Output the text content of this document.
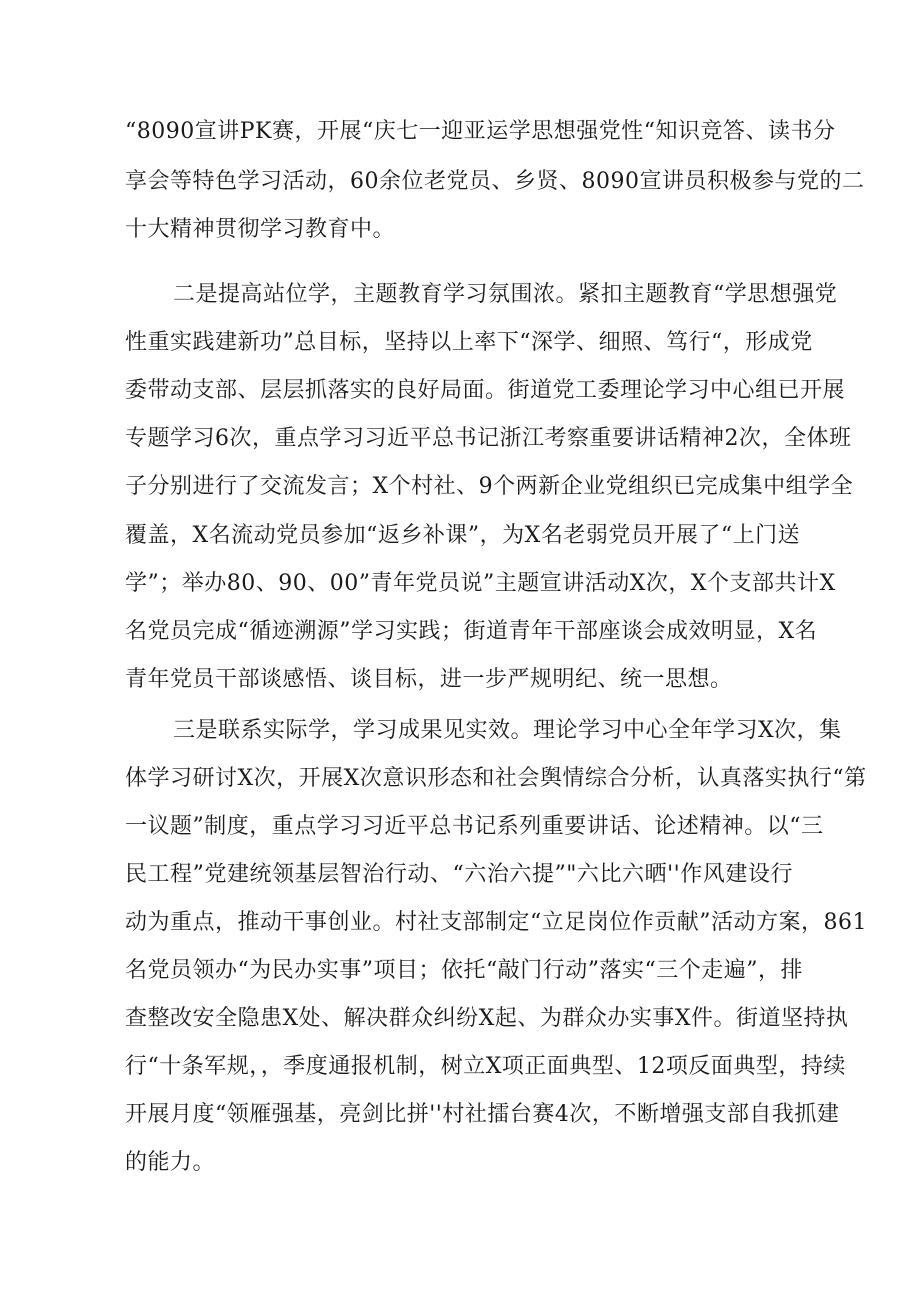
“8090宣讲PK赛，开展“庆七一迎亚运学思想强党性“知识竞答、读书分
享会等特色学习活动，60余位老党员、乡贤、8090宣讲员积极参与党的二
十大精神贯彻学习教育中。
二是提高站位学，主题教育学习氛围浓。紧扣主题教育“学思想强党
性重实践建新功”总目标，坚持以上率下“深学、细照、笃行“，形成党
委带动支部、层层抓落实的良好局面。街道党工委理论学习中心组已开展
专题学习6次，重点学习习近平总书记浙江考察重要讲话精神2次，全体班
子分别进行了交流发言；X个村社、9个两新企业党组织已完成集中组学全
覆盖，X名流动党员参加“返乡补课”，为X名老弱党员开展了“上门送
学”；举办80、90、00”青年党员说”主题宣讲活动X次，X个支部共计X
名党员完成“循迹溯源”学习实践；街道青年干部座谈会成效明显，X名
青年党员干部谈感悟、谈目标，进一步严规明纪、统一思想。
三是联系实际学，学习成果见实效。理论学习中心全年学习X次，集
体学习研讨X次，开展X次意识形态和社会舆情综合分析，认真落实执行“第
一议题”制度，重点学习习近平总书记系列重要讲话、论述精神。以“三
民工程”党建统领基层智治行动、“六治六提”"六比六晒''作风建设行
动为重点，推动干事创业。村社支部制定“立足岗位作贡献”活动方案，861
名党员领办“为民办实事”项目；依托“敲门行动”落实“三个走遍”，排
查整改安全隐患X处、解决群众纠纷X起、为群众办实事X件。街道坚持执
行“十条军规，，季度通报机制，树立X项正面典型、12项反面典型，持续
开展月度“领雁强基，亮剑比拼''村社擂台赛4次，不断增强支部自我抓建
的能力。
